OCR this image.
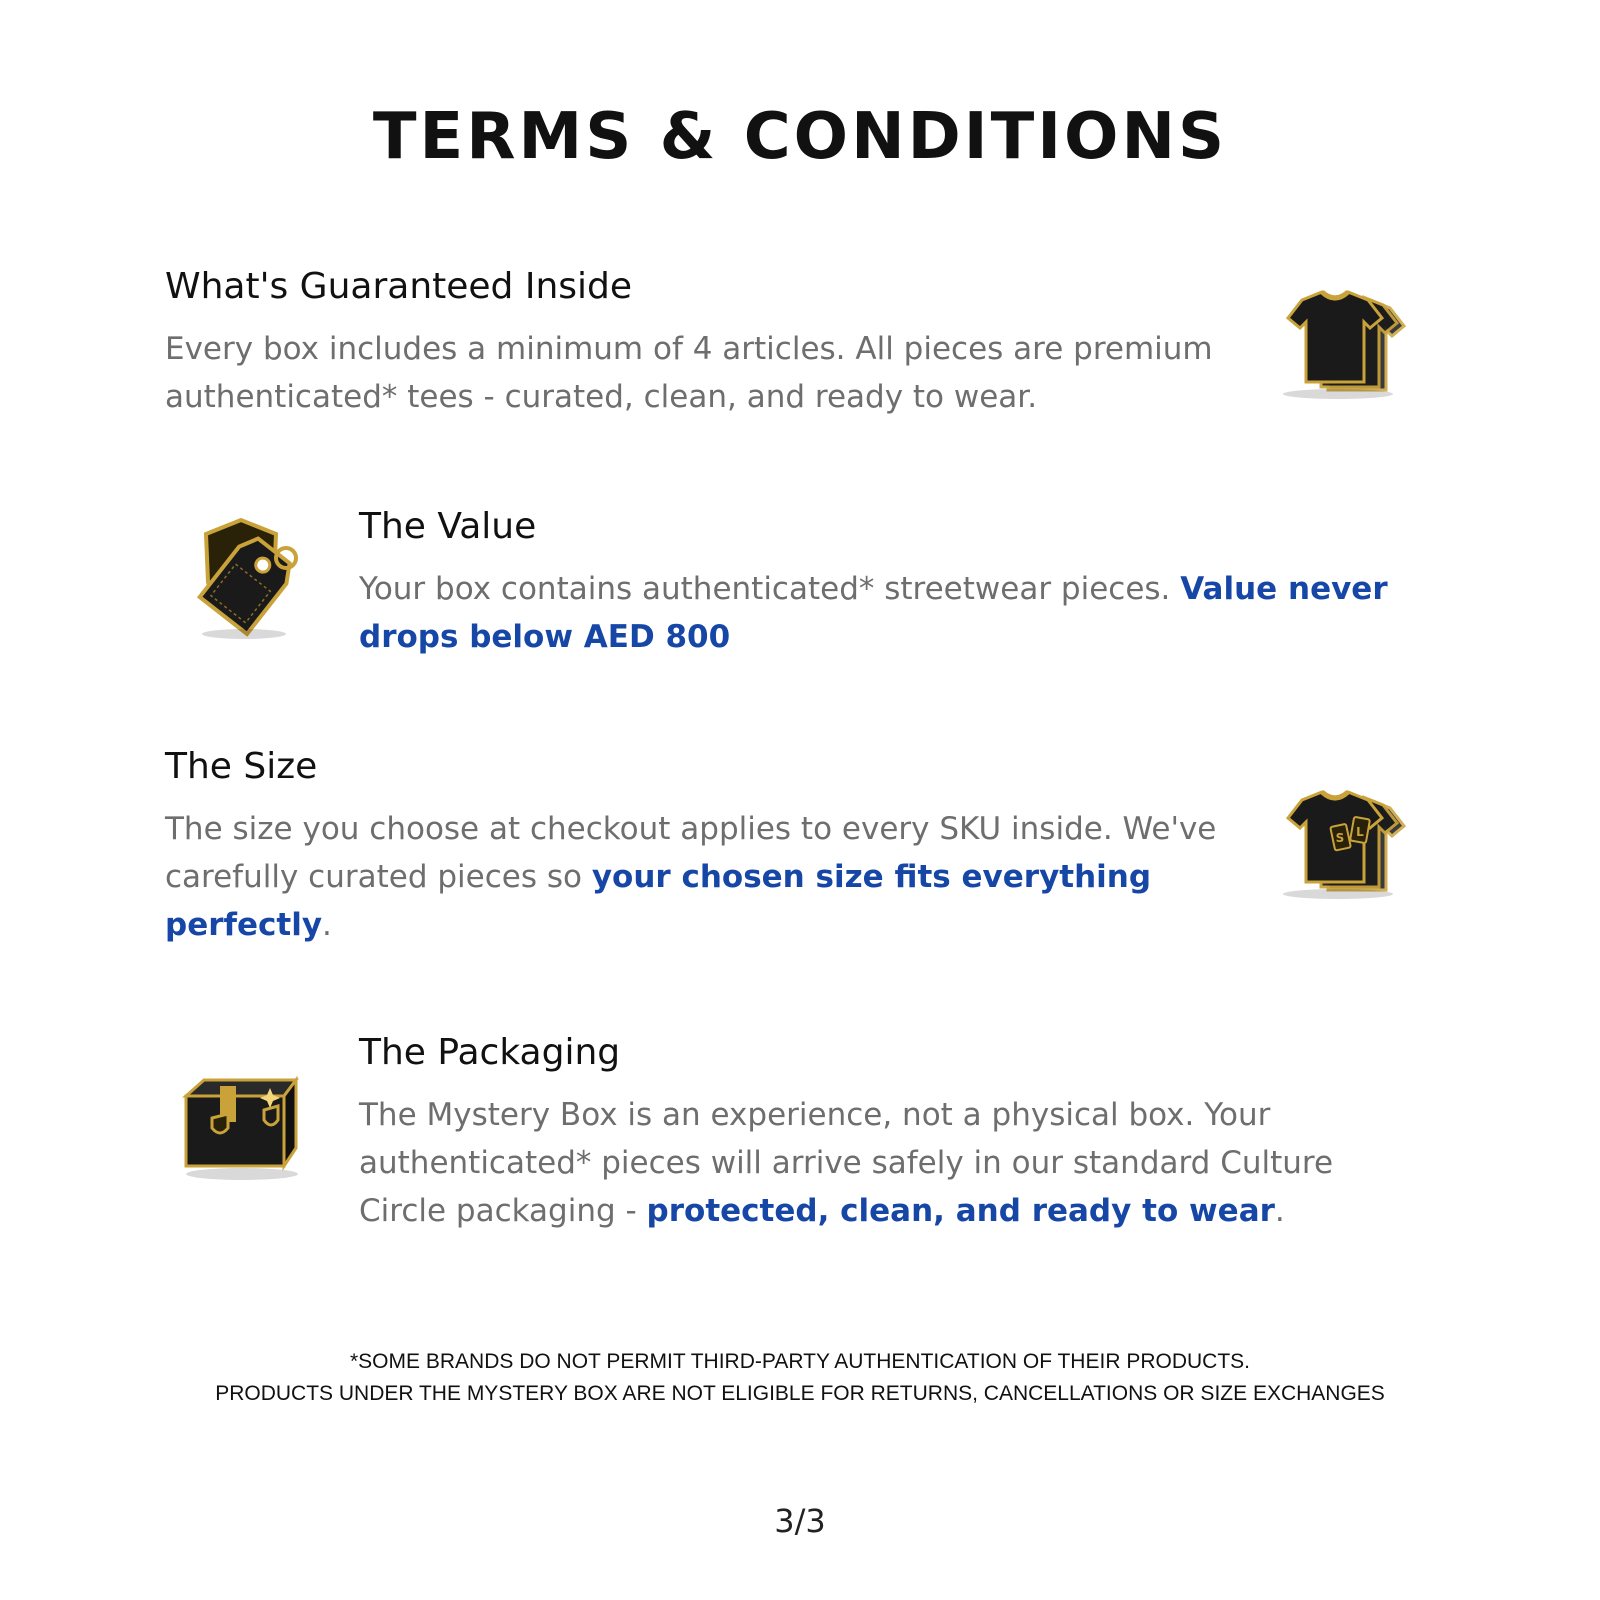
TERMS & CONDITIONS
What's Guaranteed Inside

Every box includes a minimum of 4 articles. All pieces are premium authenticated* tees - curated, clean, and ready to wear.

The Value

Your box contains authenticated* streetwear pieces. Value never drops below AED 800

The Size

The size you choose at checkout applies to every SKU inside. We've carefully curated pieces so your chosen size fits everything perfectly.

S L
The Packaging

The Mystery Box is an experience, not a physical box. Your authenticated* pieces will arrive safely in our standard Culture Circle packaging - protected, clean, and ready to wear.

*SOME BRANDS DO NOT PERMIT THIRD-PARTY AUTHENTICATION OF THEIR PRODUCTS.
PRODUCTS UNDER THE MYSTERY BOX ARE NOT ELIGIBLE FOR RETURNS, CANCELLATIONS OR SIZE EXCHANGES
3/3
